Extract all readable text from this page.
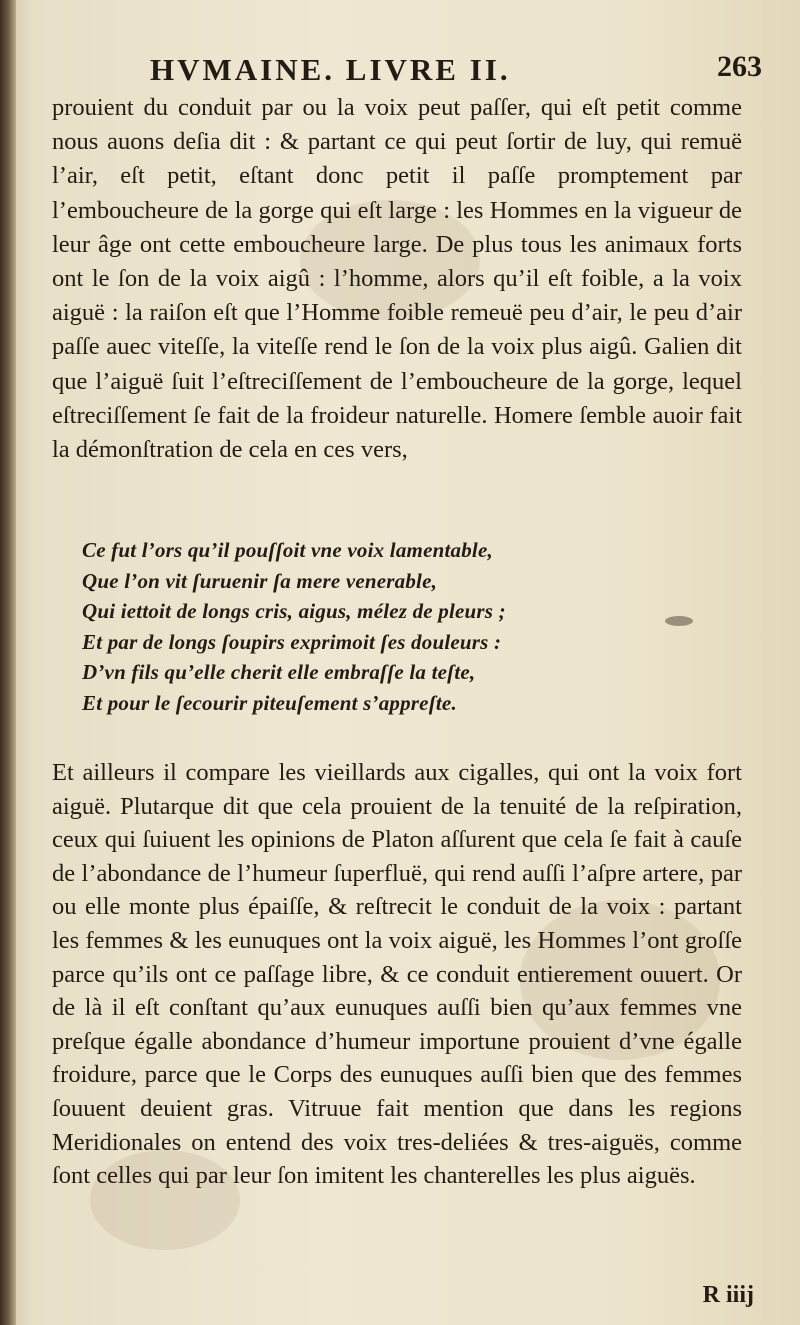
HVMAINE. LIVRE II.	263
prouient du conduit par ou la voix peut paſſer, qui eſt petit comme nous auons deſia dit : & partant ce qui peut ſortir de luy, qui remuë l’air, eſt petit, eſtant donc petit il paſſe promptement par l’emboucheure de la gorge qui eſt large : les Hommes en la vigueur de leur âge ont cette emboucheure large. De plus tous les animaux forts ont le ſon de la voix aigû : l’homme, alors qu’il eſt foible, a la voix aiguë : la raiſon eſt que l’Homme foible remeuë peu d’air, le peu d’air paſſe auec viteſſe, la viteſſe rend le ſon de la voix plus aigû. Galien dit que l’aiguë ſuit l’eſtreciſſement de l’emboucheure de la gorge, lequel eſtreciſſement ſe fait de la froideur naturelle. Homere ſemble auoir fait la démonſtration de cela en ces vers,
Ce fut l’ors qu’il pouſſoit vne voix lamentable,
Que l’on vit ſuruenir ſa mere venerable,
Qui iettoit de longs cris, aigus, mélez de pleurs ;
Et par de longs ſoupirs exprimoit ſes douleurs :
D’vn fils qu’elle cherit elle embraſſe la teſte,
Et pour le ſecourir piteuſement s’appreſte.
Et ailleurs il compare les vieillards aux cigalles, qui ont la voix fort aiguë. Plutarque dit que cela prouient de la tenuité de la reſpiration, ceux qui ſuiuent les opinions de Platon aſſurent que cela ſe fait à cauſe de l’abondance de l’humeur ſuperfluë, qui rend auſſi l’aſpre artere, par ou elle monte plus épaiſſe, & reſtrecit le conduit de la voix : partant les femmes & les eunuques ont la voix aiguë, les Hommes l’ont groſſe parce qu’ils ont ce paſſage libre, & ce conduit entierement ouuert. Or de là il eſt conſtant qu’aux eunuques auſſi bien qu’aux femmes vne preſque égalle abondance d’humeur importune prouient d’vne égalle froidure, parce que le Corps des eunuques auſſi bien que des femmes ſouuent deuient gras. Vitruue fait mention que dans les regions Meridionales on entend des voix tres-deliées & tres-aiguës, comme ſont celles qui par leur ſon imitent les chanterelles les plus aiguës.
R iiij
